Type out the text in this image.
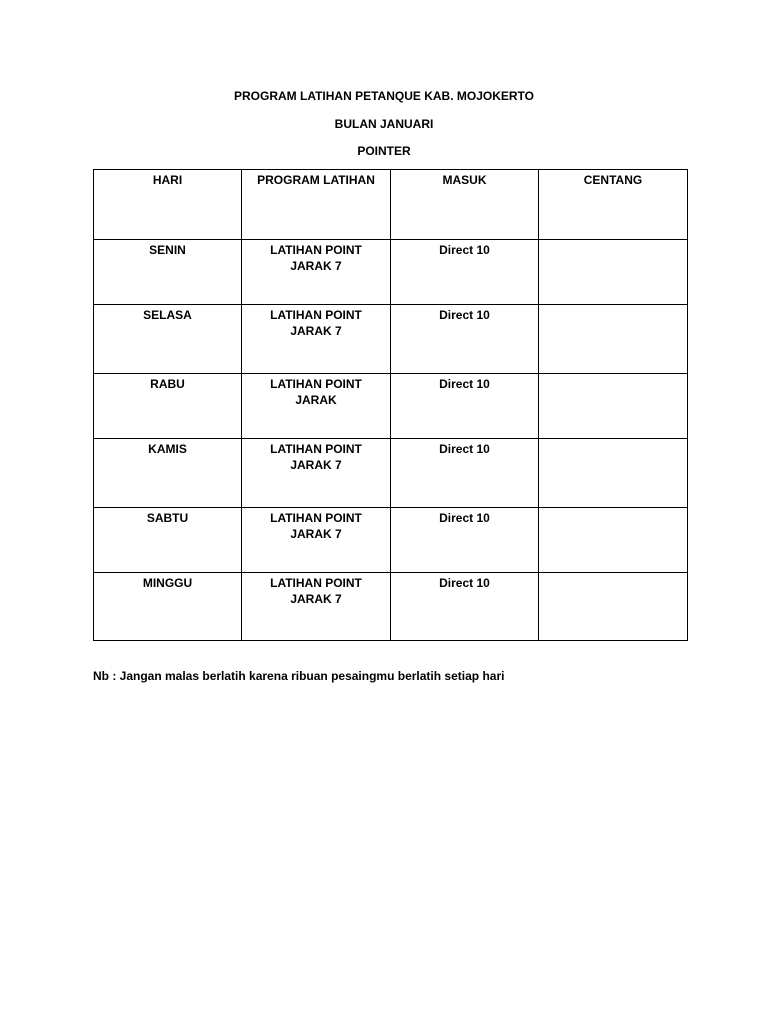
PROGRAM LATIHAN PETANQUE KAB. MOJOKERTO
BULAN JANUARI
POINTER
HARI	PROGRAM LATIHAN	MASUK	CENTANG
SENIN	LATIHAN POINT JARAK 7	Direct 10	
SELASA	LATIHAN POINT JARAK 7	Direct 10	
RABU	LATIHAN POINT JARAK	Direct 10	
KAMIS	LATIHAN POINT JARAK 7	Direct 10	
SABTU	LATIHAN POINT JARAK 7	Direct 10	
MINGGU	LATIHAN POINT JARAK 7	Direct 10	
Nb : Jangan malas berlatih karena ribuan pesaingmu berlatih setiap hari
